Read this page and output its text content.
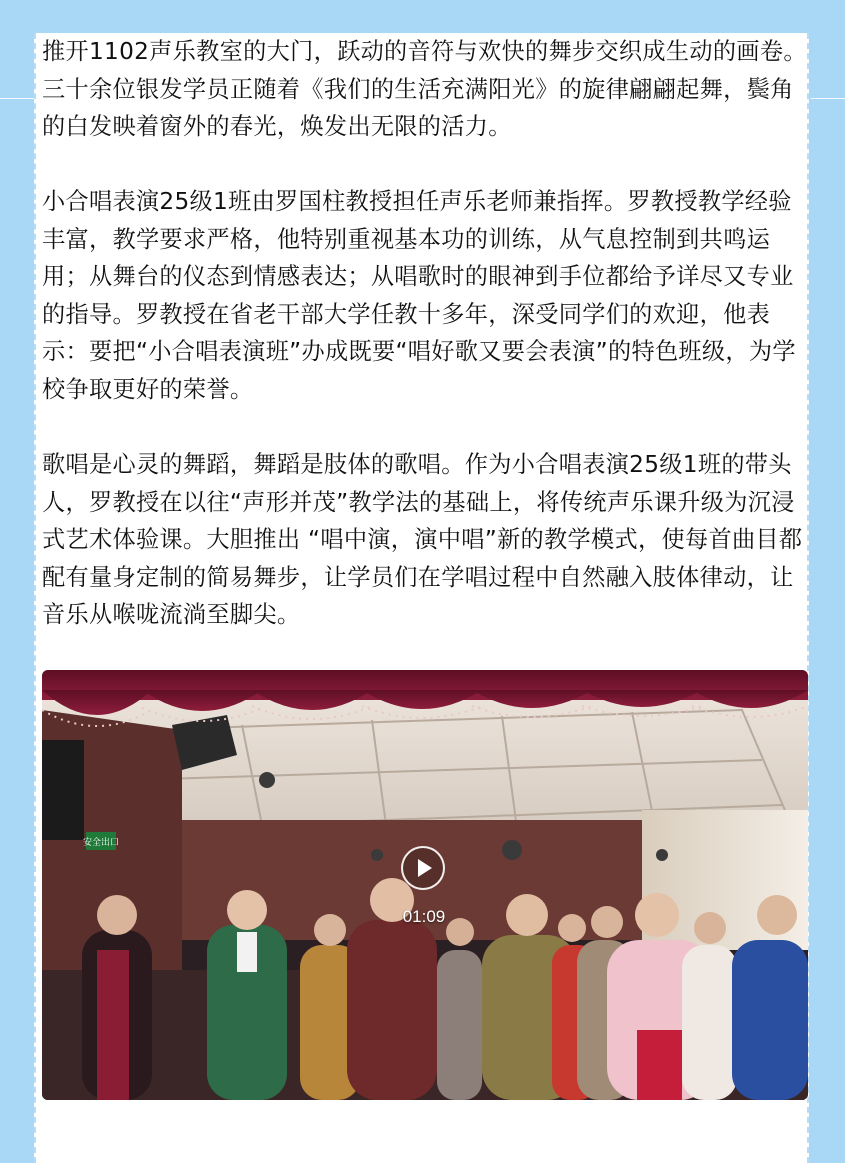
推开1102声乐教室的大门，跃动的音符与欢快的舞步交织成生动的画卷。三十余位银发学员正随着《我们的生活充满阳光》的旋律翩翩起舞，鬓角的白发映着窗外的春光，焕发出无限的活力。

小合唱表演25级1班由罗国柱教授担任声乐老师兼指挥。罗教授教学经验丰富，教学要求严格，他特别重视基本功的训练，从气息控制到共鸣运用；从舞台的仪态到情感表达；从唱歌时的眼神到手位都给予详尽又专业的指导。罗教授在省老干部大学任教十多年，深受同学们的欢迎，他表示：要把“小合唱表演班”办成既要“唱好歌又要会表演”的特色班级，为学校争取更好的荣誉。

歌唱是心灵的舞蹈，舞蹈是肢体的歌唱。作为小合唱表演25级1班的带头人，罗教授在以往“声形并茂”教学法的基础上，将传统声乐课升级为沉浸式艺术体验课。大胆推出 “唱中演，演中唱”新的教学模式，使每首曲目都配有量身定制的简易舞步，让学员们在学唱过程中自然融入肢体律动，让音乐从喉咙流淌至脚尖。

安全出口
01:09
